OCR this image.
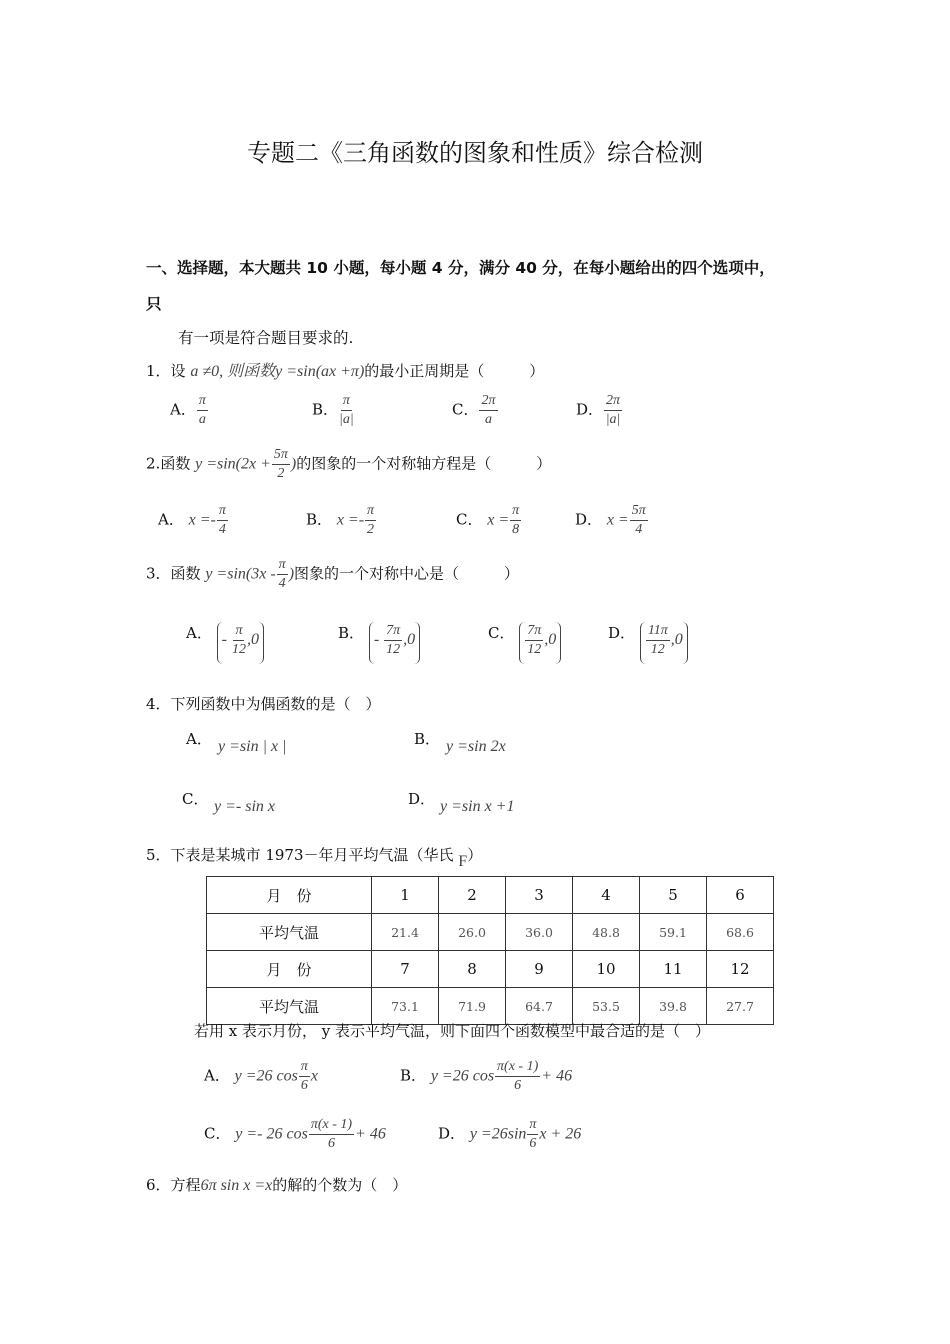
专题二《三角函数的图象和性质》综合检测
一、选择题，本大题共 10 小题，每小题 4 分，满分 40 分，在每小题给出的四个选项中，
只
有一项是符合题目要求的.
1．设 a ≠0, 则函数y =sin(ax +π)的最小正周期是（　　　）
A． $\frac{\pi}{a}$	B． $\frac{\pi}{|a|}$	C． $\frac{2\pi}{a}$	D． $\frac{2\pi}{|a|}$
2.函数 $y =\sin(2x + \frac{5\pi}{2}$ )的图象的一个对称轴方程是（　　　）
A． $x =- \frac{\pi}{4}$	B． $x =- \frac{\pi}{2}$	C． $x = \frac{\pi}{8}$	D． $x = \frac{5\pi}{4}$
3．函数 $y =\sin(3x - \frac{\pi}{4}$ )图象的一个对称中心是（　　　）
A． - $\frac{\pi}{12} ,0$	B． - $\frac{7\pi}{12} ,0$	C． $\frac{7\pi}{12} ,0$	D． $\frac{11\pi}{12} ,0$
4．下列函数中为偶函数的是（　）
A． y =sin | x |	B． y =sin 2x
C． y =- sin x	D． y =sin x +1
5．下表是某城市 1973－年月平均气温（华氏 F）
月　份	1	2	3	4	5	6
平均气温	21.4	26.0	36.0	48.8	59.1	68.6
月　份	7	8	9	10	11	12
平均气温	73.1	71.9	64.7	53.5	39.8	27.7
若用 x 表示月份， y 表示平均气温，则下面四个函数模型中最合适的是（　）
A． y =26 $\cos \frac{\pi}{6}$ x	B． y =26 $\cos \frac{\pi(x - 1)}{6} + 46$
C． y =- 26 $\cos \frac{\pi(x - 1)}{6} + 46$	D． $y =26\sin \frac{\pi}{6}$ x + 26
6．方程6π sin x =x的解的个数为（　）
